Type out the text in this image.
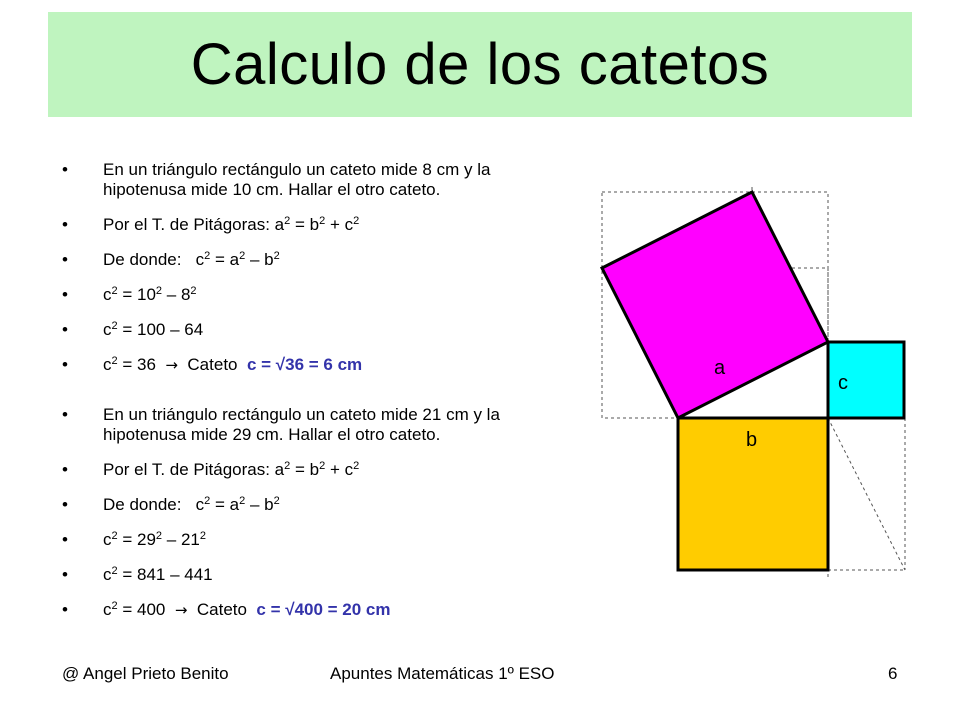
Calculo de los catetos
• En un triángulo rectángulo un cateto mide 8 cm y la hipotenusa mide 10 cm. Hallar el otro cateto.
• Por el T. de Pitágoras: $a^2 = b^2 + c^2$
• De donde:   $c^2 = a^2 - b^2$
• $c^2 = 10^2 - 8^2$
• $c^2 = 100 - 64$
• $c^2 = 36$ → Cateto c = √36 = 6 cm
• En un triángulo rectángulo un cateto mide 21 cm y la hipotenusa mide 29 cm. Hallar el otro cateto.
• Por el T. de Pitágoras: $a^2 = b^2 + c^2$
• De donde:   $c^2 = a^2 - b^2$
• $c^2 = 29^2 - 21^2$
• $c^2 = 841 - 441$
• $c^2 = 400$ → Cateto c = √400 = 20 cm
a
c
b
@ Angel Prieto Benito	Apuntes Matemáticas 1º ESO	6
